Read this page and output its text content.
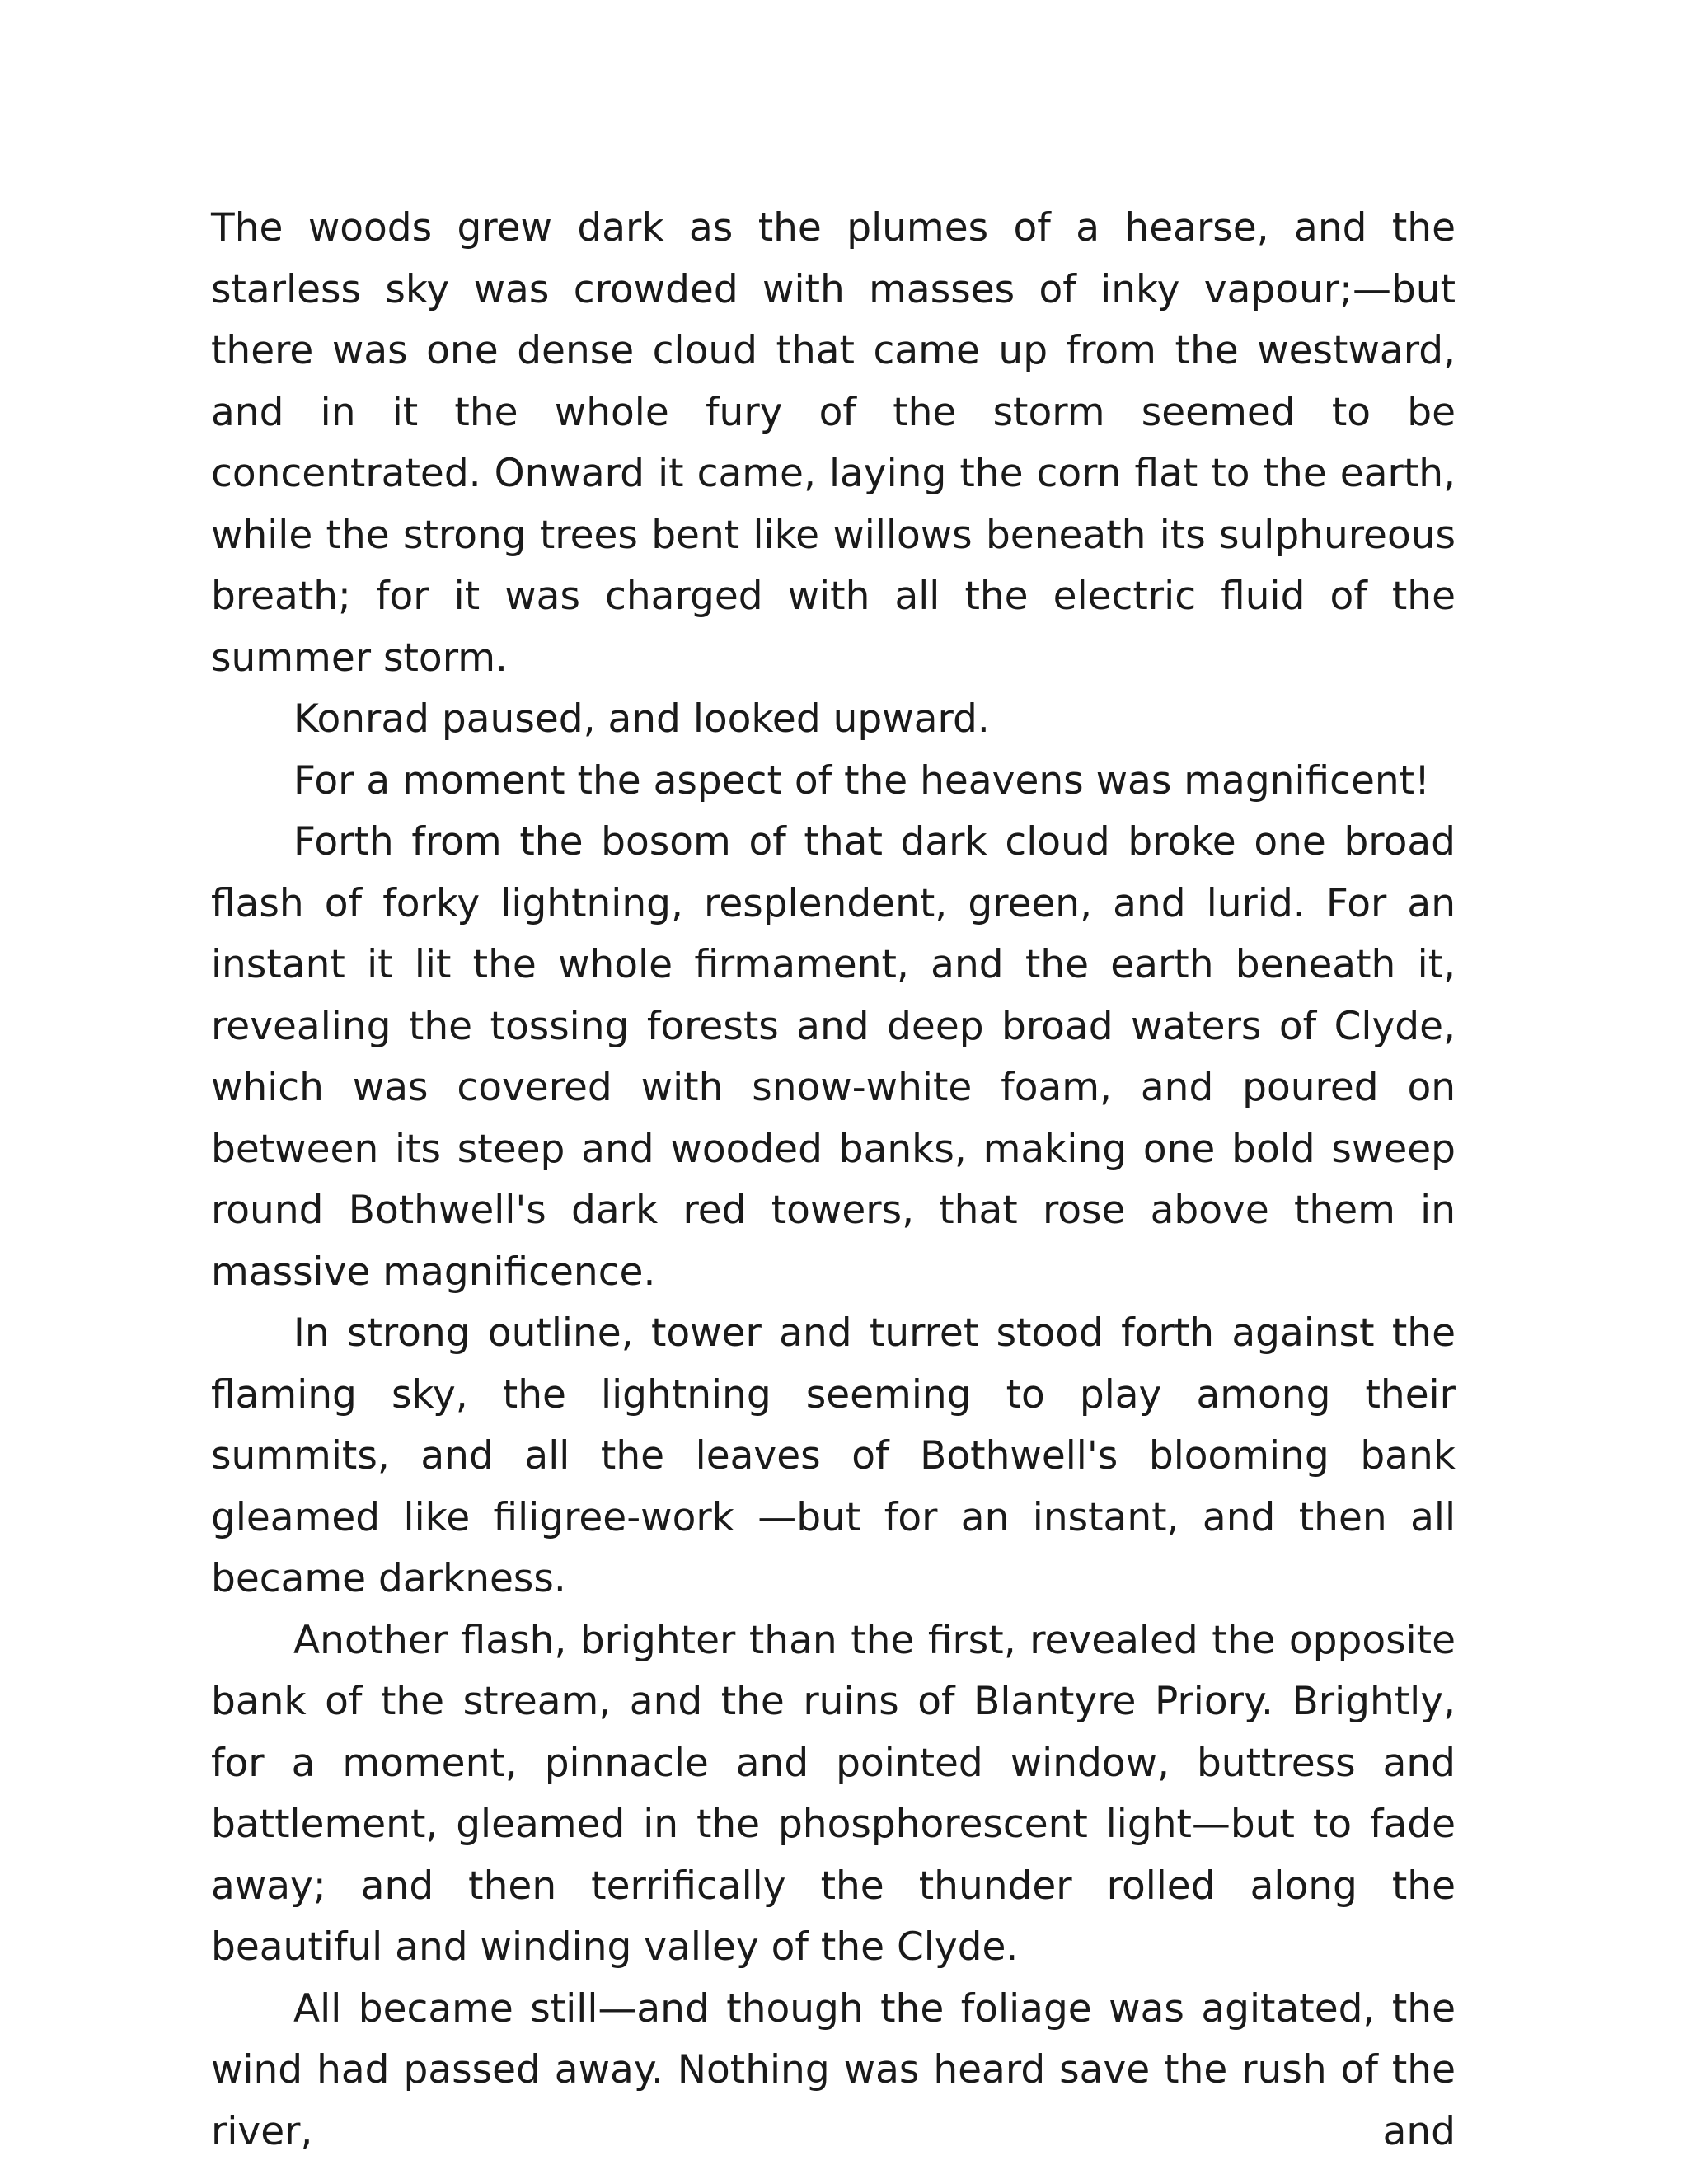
The woods grew dark as the plumes of a hearse, and the starless sky was crowded with masses of inky vapour;—but there was one dense cloud that came up from the westward, and in it the whole fury of the storm seemed to be concentrated. Onward it came, laying the corn flat to the earth, while the strong trees bent like willows beneath its sulphureous breath; for it was charged with all the electric fluid of the summer storm.

Konrad paused, and looked upward.

For a moment the aspect of the heavens was magnificent!

Forth from the bosom of that dark cloud broke one broad flash of forky lightning, resplendent, green, and lurid. For an instant it lit the whole firmament, and the earth beneath it, revealing the tossing forests and deep broad waters of Clyde, which was covered with snow-white foam, and poured on between its steep and wooded banks, making one bold sweep round Bothwell's dark red towers, that rose above them in massive magnificence.

In strong outline, tower and turret stood forth against the flaming sky, the lightning seeming to play among their summits, and all the leaves of Bothwell's blooming bank gleamed like filigree-work —but for an instant, and then all became darkness.

Another flash, brighter than the first, revealed the opposite bank of the stream, and the ruins of Blantyre Priory. Brightly, for a moment, pinnacle and pointed window, buttress and battlement, gleamed in the phosphorescent light—but to fade away; and then terrifically the thunder rolled along the beautiful and winding valley of the Clyde.

All became still—and though the foliage was agitated, the wind had passed away. Nothing was heard save the rush of the river, and
